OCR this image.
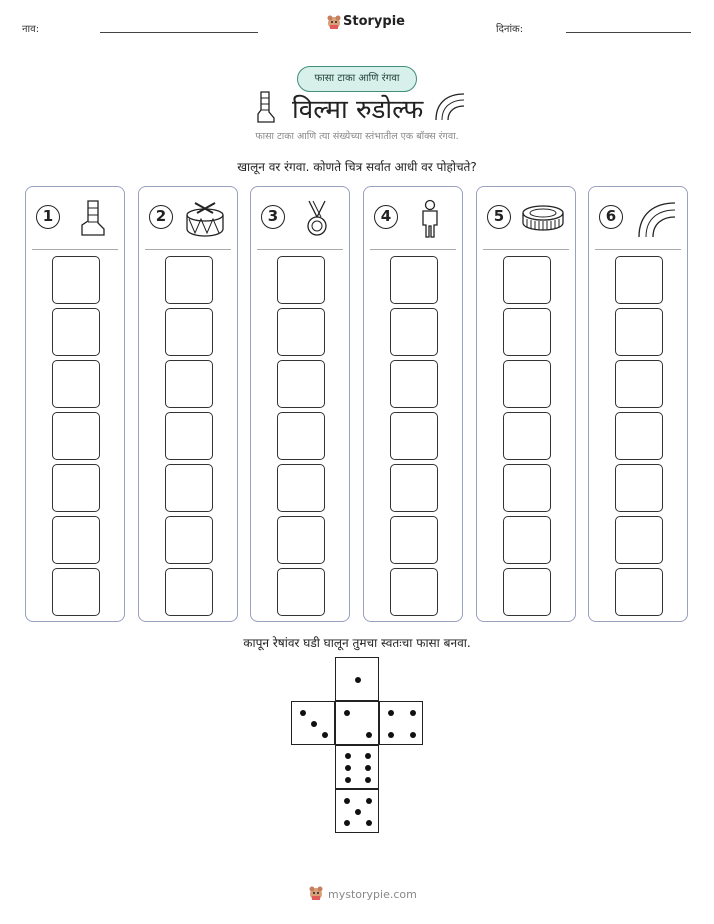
नाव:
Storypie
दिनांक:
फासा टाका आणि रंगवा
विल्मा रुडोल्फ
फासा टाका आणि त्या संख्येच्या स्तंभातील एक बॉक्स रंगवा.
खालून वर रंगवा. कोणते चित्र सर्वात आधी वर पोहोचते?
1	2	3	4	5	6
कापून रेषांवर घडी घालून तुमचा स्वतःचा फासा बनवा.
mystorypie.com
